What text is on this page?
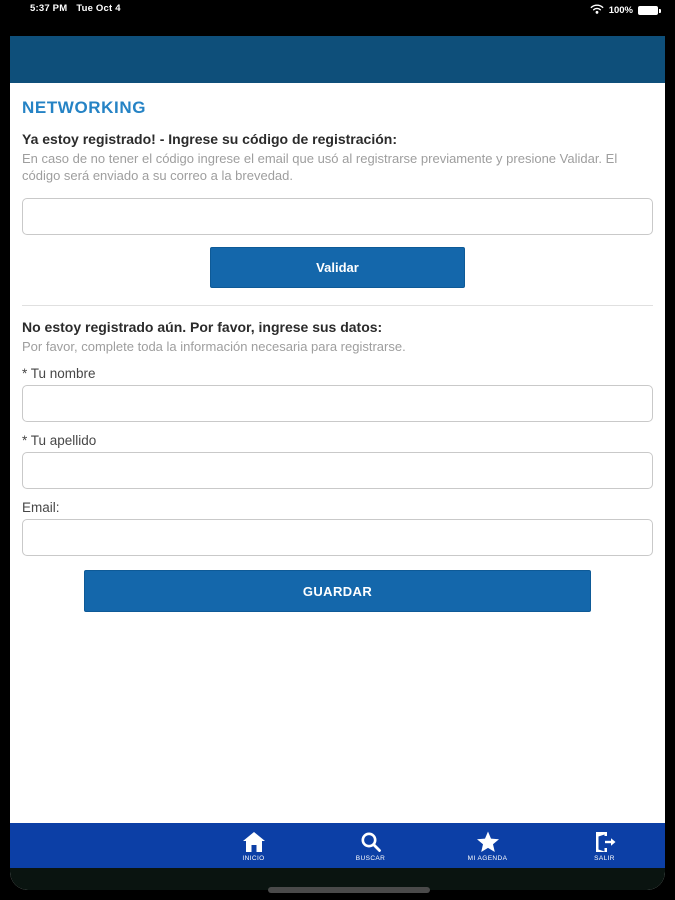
5:37 PM Tue Oct 4	100%
NETWORKING
Ya estoy registrado! - Ingrese su código de registración:
En caso de no tener el código ingrese el email que usó al registrarse previamente y presione Validar. El código será enviado a su correo a la brevedad.
Validar
No estoy registrado aún. Por favor, ingrese sus datos:
Por favor, complete toda la información necesaria para registrarse.
* Tu nombre
* Tu apellido
Email:
GUARDAR
INICIO	BUSCAR	MI AGENDA	SALIR
